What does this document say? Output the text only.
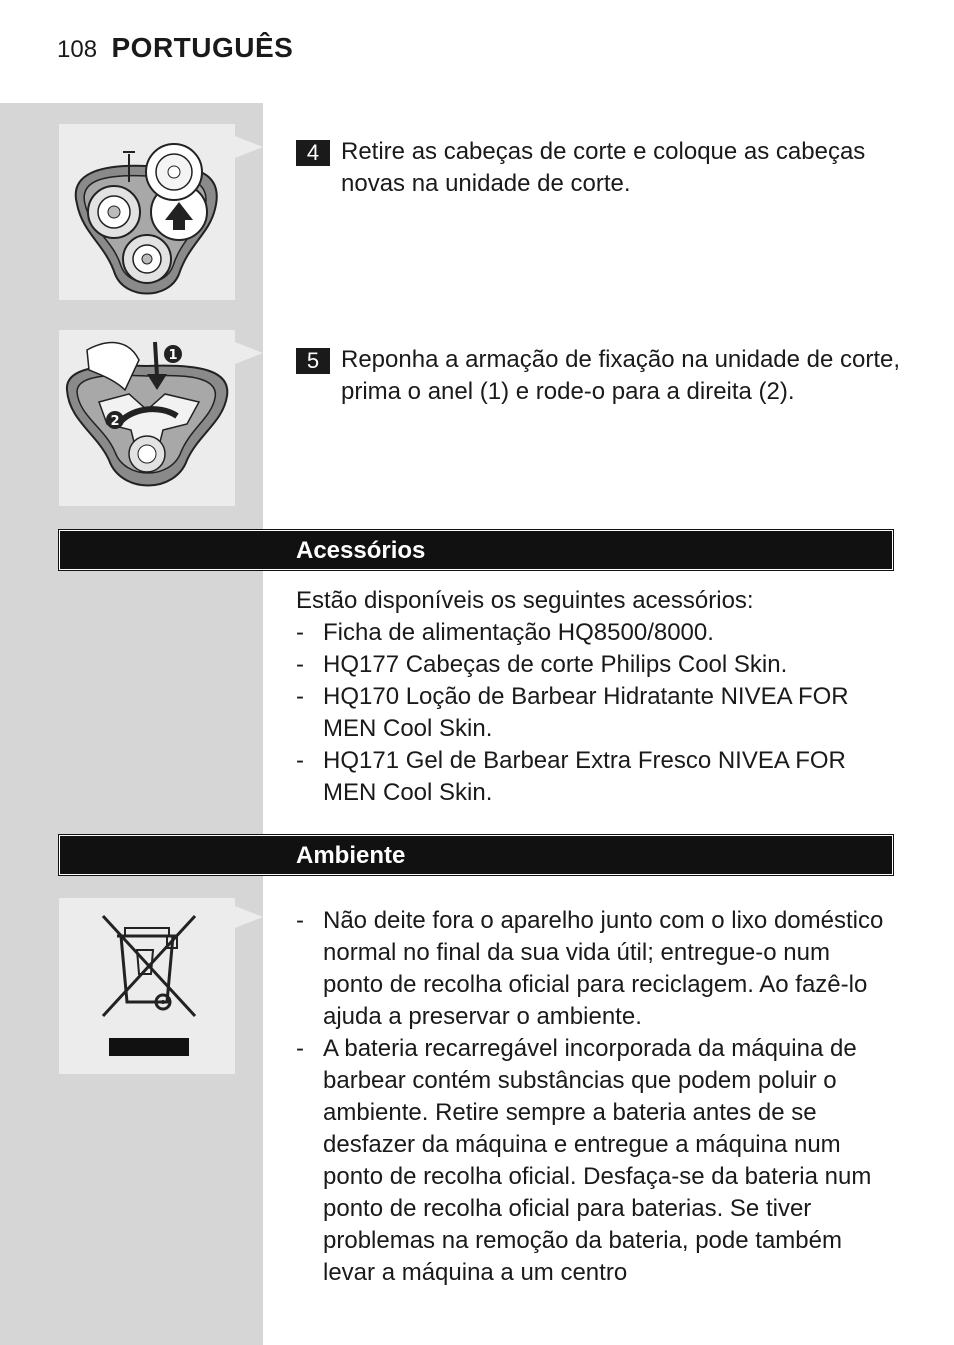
108 PORTUGUÊS
4 Retire as cabeças de corte e coloque as cabeças novas na unidade de corte.
1
2
5 Reponha a armação de fixação na unidade de corte, prima o anel (1) e rode-o para a direita (2).
Acessórios

Estão disponíveis os seguintes acessórios:

- Ficha de alimentação HQ8500/8000.
- HQ177 Cabeças de corte Philips Cool Skin.
- HQ170 Loção de Barbear Hidratante NIVEA FOR MEN Cool Skin.
- HQ171 Gel de Barbear Extra Fresco NIVEA FOR MEN Cool Skin.
Ambiente
- Não deite fora o aparelho junto com o lixo doméstico normal no final da sua vida útil; entregue-o num ponto de recolha oficial para reciclagem. Ao fazê-lo ajuda a preservar o ambiente.
- A bateria recarregável incorporada da máquina de barbear contém substâncias que podem poluir o ambiente. Retire sempre a bateria antes de se desfazer da máquina e entregue a máquina num ponto de recolha oficial. Desfaça-se da bateria num ponto de recolha oficial para baterias. Se tiver problemas na remoção da bateria, pode também levar a máquina a um centro
